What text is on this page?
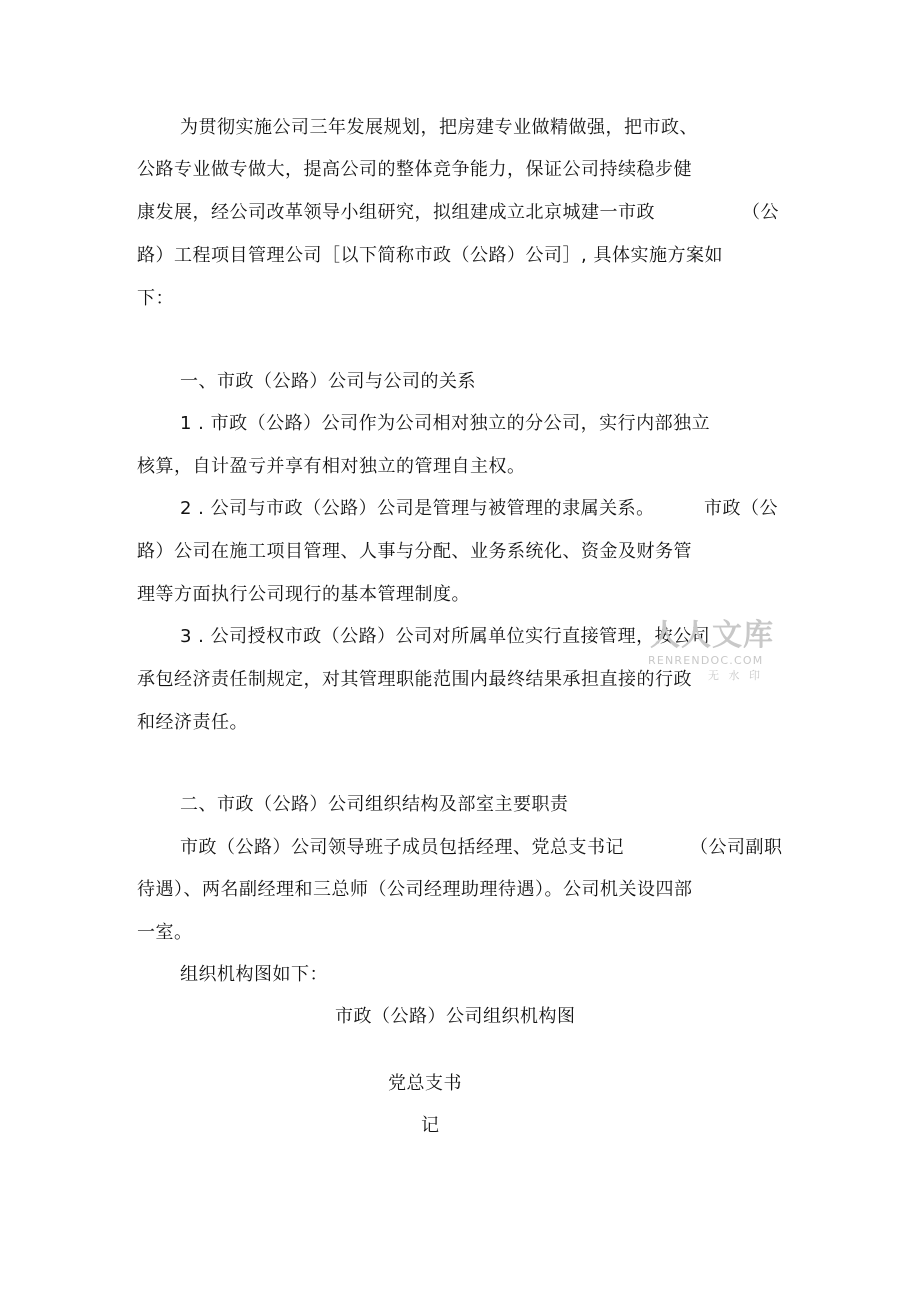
为贯彻实施公司三年发展规划，把房建专业做精做强，把市政、
公路专业做专做大，提高公司的整体竞争能力，保证公司持续稳步健
康发展，经公司改革领导小组研究，拟组建成立北京城建一市政	（公
路）工程项目管理公司［以下简称市政（公路）公司］, 具体实施方案如
下：
一、市政（公路）公司与公司的关系
1 . 市政（公路）公司作为公司相对独立的分公司，实行内部独立
核算，自计盈亏并享有相对独立的管理自主权。
2 . 公司与市政（公路）公司是管理与被管理的隶属关系。	市政（公
路）公司在施工项目管理、人事与分配、业务系统化、资金及财务管
理等方面执行公司现行的基本管理制度。
3 . 公司授权市政（公路）公司对所属单位实行直接管理，按公司
承包经济责任制规定，对其管理职能范围内最终结果承担直接的行政
和经济责任。
人人文库
RENRENDOC.COM
无 水 印
二、市政（公路）公司组织结构及部室主要职责
市政（公路）公司领导班子成员包括经理、党总支书记	（公司副职
待遇）、两名副经理和三总师（公司经理助理待遇）。公司机关设四部
一室。
组织机构图如下：
市政（公路）公司组织机构图
党总支书
记
